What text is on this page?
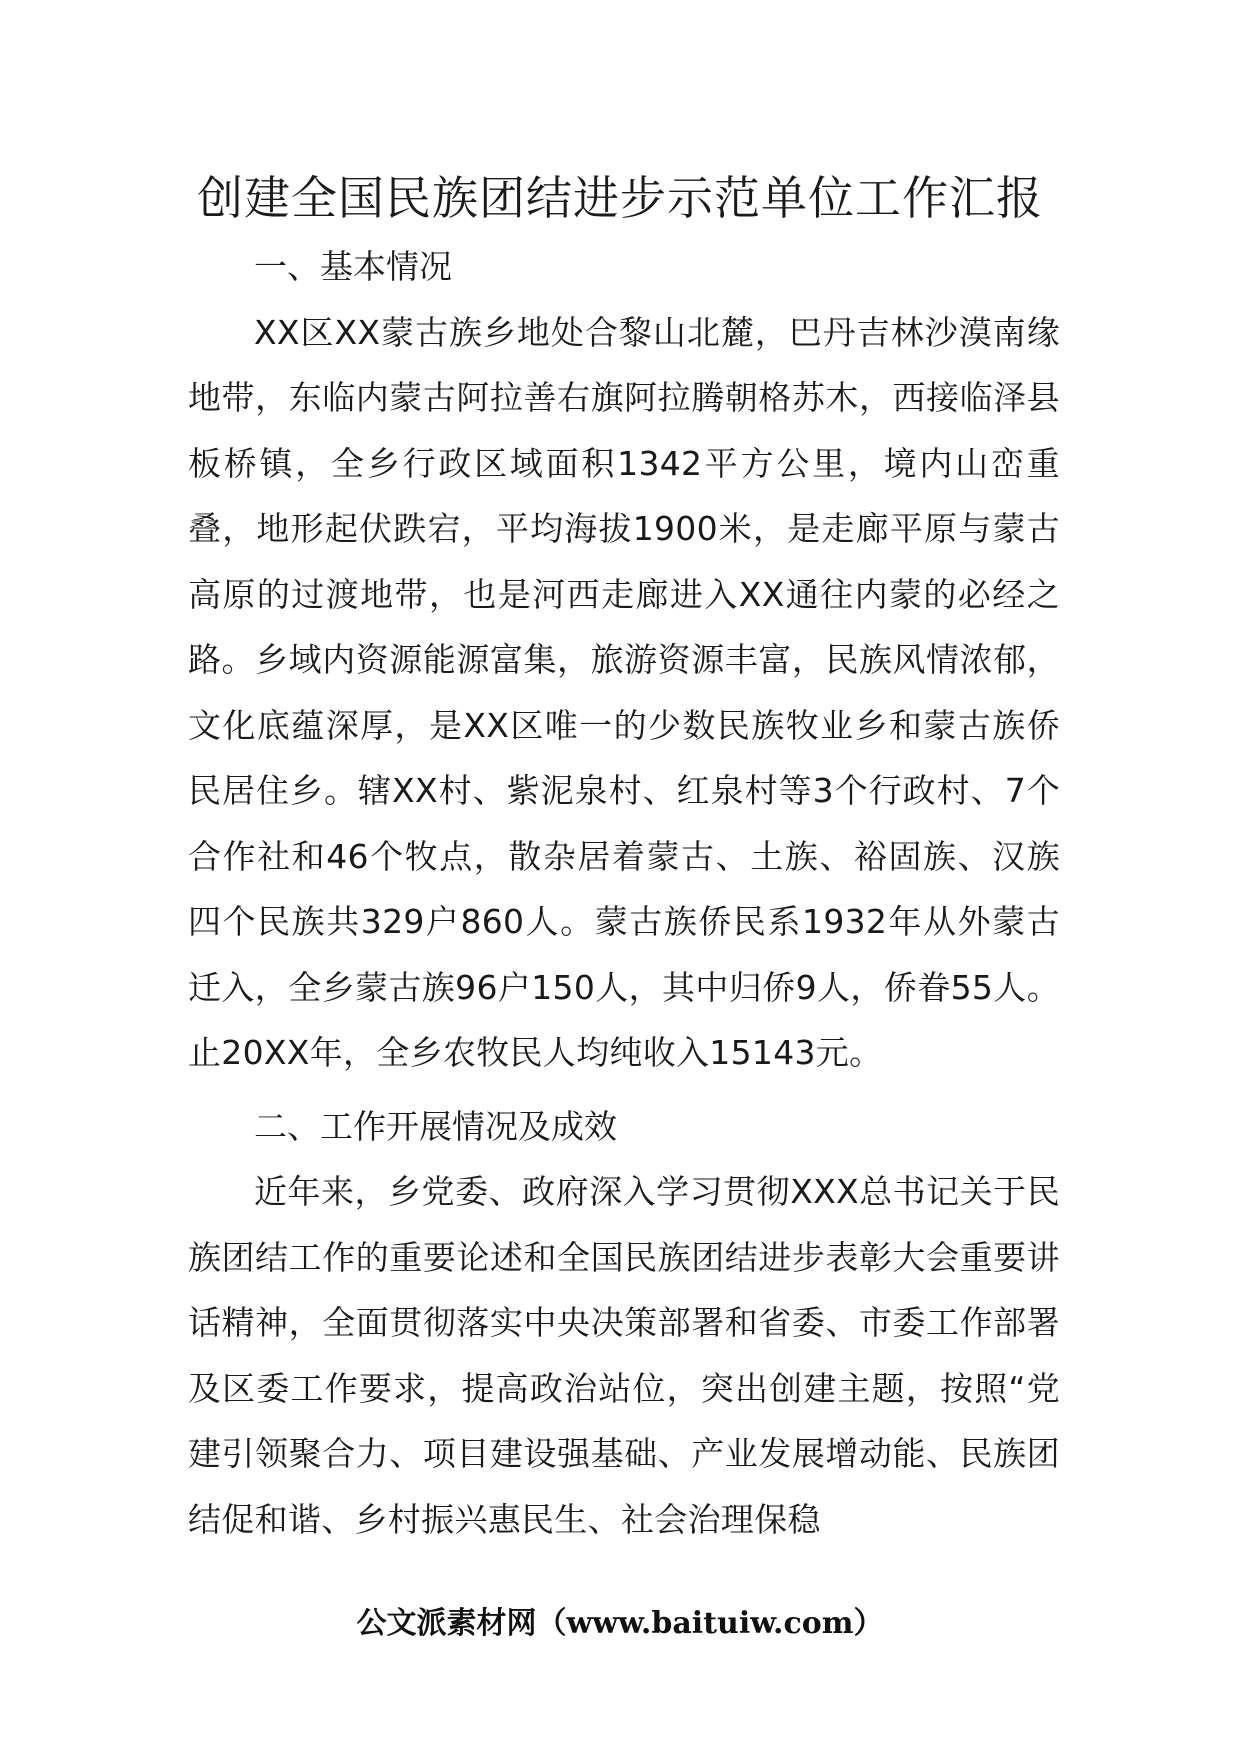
创建全国民族团结进步示范单位工作汇报

一、基本情况

XX区XX蒙古族乡地处合黎山北麓，巴丹吉林沙漠南缘地带，东临内蒙古阿拉善右旗阿拉腾朝格苏木，西接临泽县板桥镇，全乡行政区域面积1342平方公里，境内山峦重叠，地形起伏跌宕，平均海拔1900米，是走廊平原与蒙古高原的过渡地带，也是河西走廊进入XX通往内蒙的必经之路。乡域内资源能源富集，旅游资源丰富，民族风情浓郁，文化底蕴深厚，是XX区唯一的少数民族牧业乡和蒙古族侨民居住乡。辖XX村、紫泥泉村、红泉村等3个行政村、7个合作社和46个牧点，散杂居着蒙古、土族、裕固族、汉族四个民族共329户860人。蒙古族侨民系1932年从外蒙古迁入，全乡蒙古族96户150人，其中归侨9人，侨眷55人。止20XX年，全乡农牧民人均纯收入15143元。

二、工作开展情况及成效

近年来，乡党委、政府深入学习贯彻XXX总书记关于民族团结工作的重要论述和全国民族团结进步表彰大会重要讲话精神，全面贯彻落实中央决策部署和省委、市委工作部署及区委工作要求，提高政治站位，突出创建主题，按照“党建引领聚合力、项目建设强基础、产业发展增动能、民族团结促和谐、乡村振兴惠民生、社会治理保稳

公文派素材网（www.baituiw.com）
